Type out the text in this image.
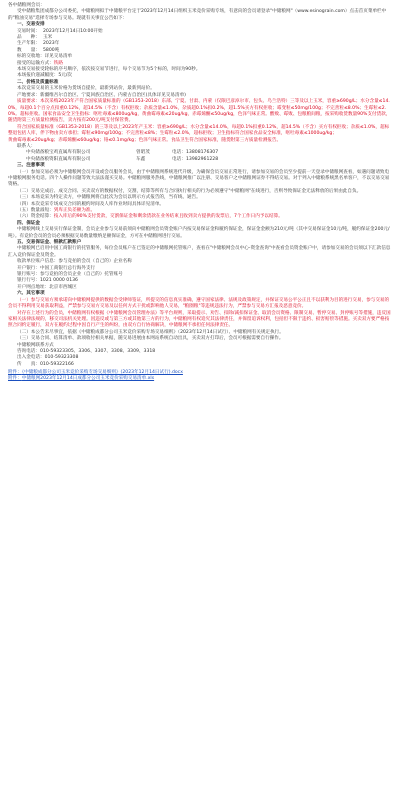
各中储粮网会员：

受中储粮集团成都分公司委托，中储粮网拟于中储粮平台定于2023年12月14日组织玉米竞价采购专场，有意向的会员请登录"中储粮网"（www.esinograin.com）点击首页菜单栏中的"粮油交易"选择专场参与交易。现就有关事宜公告如下：

一、交易安排

交易时间： 2023年12月14日10:00开始

品　　种： 玉米

生产年限： 2023年

数　　量： 5800吨

标的交收地：详见交易清单

接受的运输方式：铁路

本场交易接受轮标的序号顺序，依次按交易节进行，每个交易节为5个标的，时间为90秒。

本场报价递减幅度：5元/次

二、价格及质量标准

本次竞采交易的玉米价格为货场自提价，最新到站价，最新到站价。

产地要求：新疆维吾尔自治区、宁夏回族自治区、内蒙古自治区(具体详见交易清单)

质量要求：本次采购2023年产符合国家质量标准的（GB1353-2018）东部、宁夏、甘肃、内蒙（仅限巴彦淖尔市、包头、乌兰浩特）三等及以上玉米，容重≥690g/L；水分含量≤14.0%，每超0.1个百分点扣重0.12%，超14.5%（不含）有权拒收；杂质含量≤1.0%，杂质超0.1%扣0.2%，超1.5%买方有权拒收；霉变粒≤50mg/100g；不完善粒≤8.0%；生霉粒≤2.0%。超标拒收。国家食品安全卫生指标：呕吐毒素≤800ug/kg，黄曲霉毒素≤20ug/kg，赤霉烯酮≤50ug/kg，色泽气味正常。酸败、霉败、包粮粮间粮，按采购收货数量90%支付货款，随货附第三方质量检测报告，卖方按有200元/吨支付保管费。

符合国家质量标准（GB1353-2018）的三等及以上2023年产玉米：容重≥690g/L；水分含量≤14.0%，每超0.1%扣重0.12%，超14.5%（不含）买方有权拒收；杂质≤1.0%，超标整退包括人库，伴下物由卖方承担；霉粒≤90mg/100g；不完善粒≤8%；生霉粒≤2.0%，超标拒收；卫生指标符合国家食品安全标准，呕吐毒素≤1000ug/kg；

黄曲霉毒素≤20ug/kg；赤霉烯酮≤60ug/kg；铬≤0.1mg/kg；色泽气味正常。食品卫生符合国家标准，随货附第三方质量检测报告。

联系人：

中央储备粮宝鸡直属库有限公司	曾昭茂	电话：13808176307

中央储备粮资阳直属库有限公司	车鑫	电话：13982961228

三、注意事项

（一）参加交易必须为中储粮网会员开设或会员服务会员，由于中储粮网系统进代升级，为确保会员交易正常进行，请参加交易的会员至少提前一天登录中储粮网查看，如遇问题请致电中储粮网服务电话。四个人操作问题等致大法法谨买交易。中储粮网服务热线，中储粮网推广以注册、交易客户之中储粮网证券不得结交易。对于列入中储粮系统黑名单客户，不以交易交易资格。

（二）交易完成后、成交合同、买卖双方的数据权付，交割，结算等所有与合同执行相关的行为必须遵守"中储粮网"在线进行，否则导致保证金无法释放的后果由此自负。

（三）本场竞采为特定卖方，中储粮网将自此次为会员以明示方式报告的，当有线、通告。

（四）本次竞采专场成交合同的履约时间及人库作业时间具体详见清单。

（五）数量溢短：到库正负差额为准。

（六）资金结算：按入库后的90%支付货款，交割保证金和剩余货款在业务结束且收到卖方提供的发票后，7个工作日内予以结算。

四、保证金

中储粮网线上交易实行保证金制，会员企业参与交易前须向中储粮网会员资金账户内按交易保证金和履约保证金，保证金金额为210元/吨（其中交易保证金10元/吨，履约保证金200元/吨）。有竞价会员的会员必须根据交易数量缴纳足额保证金，方可在中储粮网进行交易。

五、交易保证金、银款汇款账户

中储粮网已启用中国工商银行的托管服务，每位会员账户在已签定的中储粮网托管账户，查看在"中储粮网会员中心-资金查询"中查看会员资金账户中，请参加交易的会员须以下汇款信息汇入竞价保证金及资金。

收款单位账户信息：参与竞拍的会员（自己的）企业名称

开户银行：中国工商银行总行海外支行

银行账号：参与竞拍的会员企业（自己的）托管账号

银行行号：1021 0000 0136

开户网点地址：北京市西城区

六、其它事项

（一）参与交易方须承诺向中储粮网提供的数据会受律师签证，所提交的信息真实准确，遵守国家法律、法规及政策规定，并保证交易公平公正且不以获利为目的进行交易，参与交易的会员不得利用交易获取利益，严禁参与交易方交易及以任何方式干扰或影响他人交易，"粮圈粮"等违规违法行为，严禁参与交易方汇报及恶意竞价。

对存在上述行为的会员，中储粮网有权根据《中储粮网会员管理办法》等平台规则，采取提示、劝告、扣除/减扣保证金、取消会员资格、限制交易、暂停交易、封停账号等措施，违反国家相关法律法规的，移交司法机关处理。因违反或与第三方或其他第三方的行为，中储粮网有权追究其法律责任，并保留追诉权利，包括但不限于违约、损害赔偿等措施。买卖双方要严格按照合同约定履行，双方在履约过程中因自行产生的纠纷，由双方自行协商解决，中储粮网不承担任何法律责任。

（二）本公告未尽事宜，依据《中储粮成都分公司玉米竞价采购专场交易细则》（2023年12月14日试行）、中储粮网有关规定执行。

（三）交易合同、结算清单、款项收付相关单据，随交易进展由本网站系统自动出具，买卖双方打印后，会员可根据需要自行操作。

中储粮网联系方式

咨询电话：010-59323305、3306、3307、3308、3309、3318

出入金电话：010-59323308

传　　真：010-59322166

附件：《中储粮成都分公司玉米竞价采购专场交易细则》(2023年12月14日试行).docx
附件：中储粮网2023年12月14日成都分公司玉米竞价采购交易清单.xls
